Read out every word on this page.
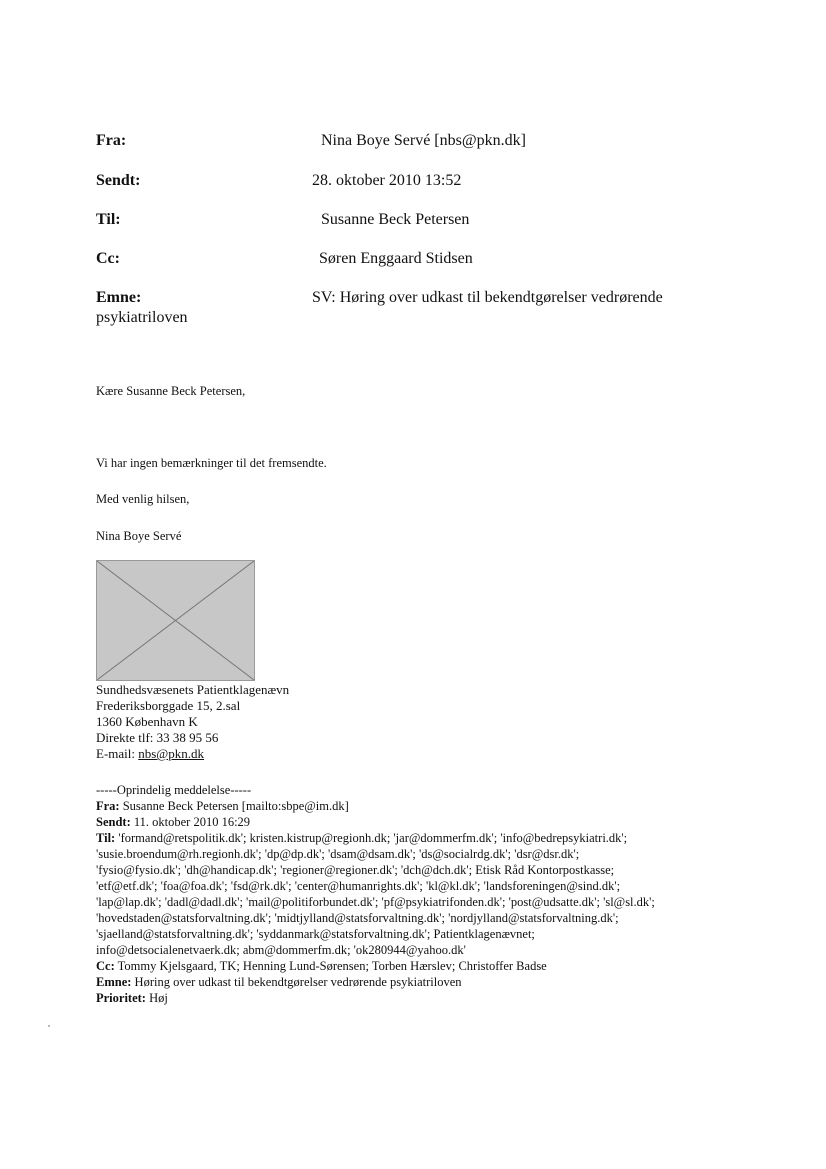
Fra:	Nina Boye Servé [nbs@pkn.dk]
Sendt:	28. oktober 2010 13:52
Til:	Susanne Beck Petersen
Cc:	Søren Enggaard Stidsen
Emne:	SV: Høring over udkast til bekendtgørelser vedrørende
psykiatriloven
Kære Susanne Beck Petersen,
Vi har ingen bemærkninger til det fremsendte.
Med venlig hilsen,
Nina Boye Servé
Sundhedsvæsenets Patientklagenævn
Frederiksborggade 15, 2.sal
1360 København K
Direkte tlf: 33 38 95 56
E-mail: nbs@pkn.dk
-----Oprindelig meddelelse-----
Fra: Susanne Beck Petersen [mailto:sbpe@im.dk]
Sendt: 11. oktober 2010 16:29
Til: 'formand@retspolitik.dk'; kristen.kistrup@regionh.dk; 'jar@dommerfm.dk'; 'info@bedrepsykiatri.dk';
'susie.broendum@rh.regionh.dk'; 'dp@dp.dk'; 'dsam@dsam.dk'; 'ds@socialrdg.dk'; 'dsr@dsr.dk';
'fysio@fysio.dk'; 'dh@handicap.dk'; 'regioner@regioner.dk'; 'dch@dch.dk'; Etisk Råd Kontorpostkasse;
'etf@etf.dk'; 'foa@foa.dk'; 'fsd@rk.dk'; 'center@humanrights.dk'; 'kl@kl.dk'; 'landsforeningen@sind.dk';
'lap@lap.dk'; 'dadl@dadl.dk'; 'mail@politiforbundet.dk'; 'pf@psykiatrifonden.dk'; 'post@udsatte.dk'; 'sl@sl.dk';
'hovedstaden@statsforvaltning.dk'; 'midtjylland@statsforvaltning.dk'; 'nordjylland@statsforvaltning.dk';
'sjaelland@statsforvaltning.dk'; 'syddanmark@statsforvaltning.dk'; Patientklagenævnet;
info@detsocialenetvaerk.dk; abm@dommerfm.dk; 'ok280944@yahoo.dk'
Cc: Tommy Kjelsgaard, TK; Henning Lund-Sørensen; Torben Hærslev; Christoffer Badse
Emne: Høring over udkast til bekendtgørelser vedrørende psykiatriloven
Prioritet: Høj
